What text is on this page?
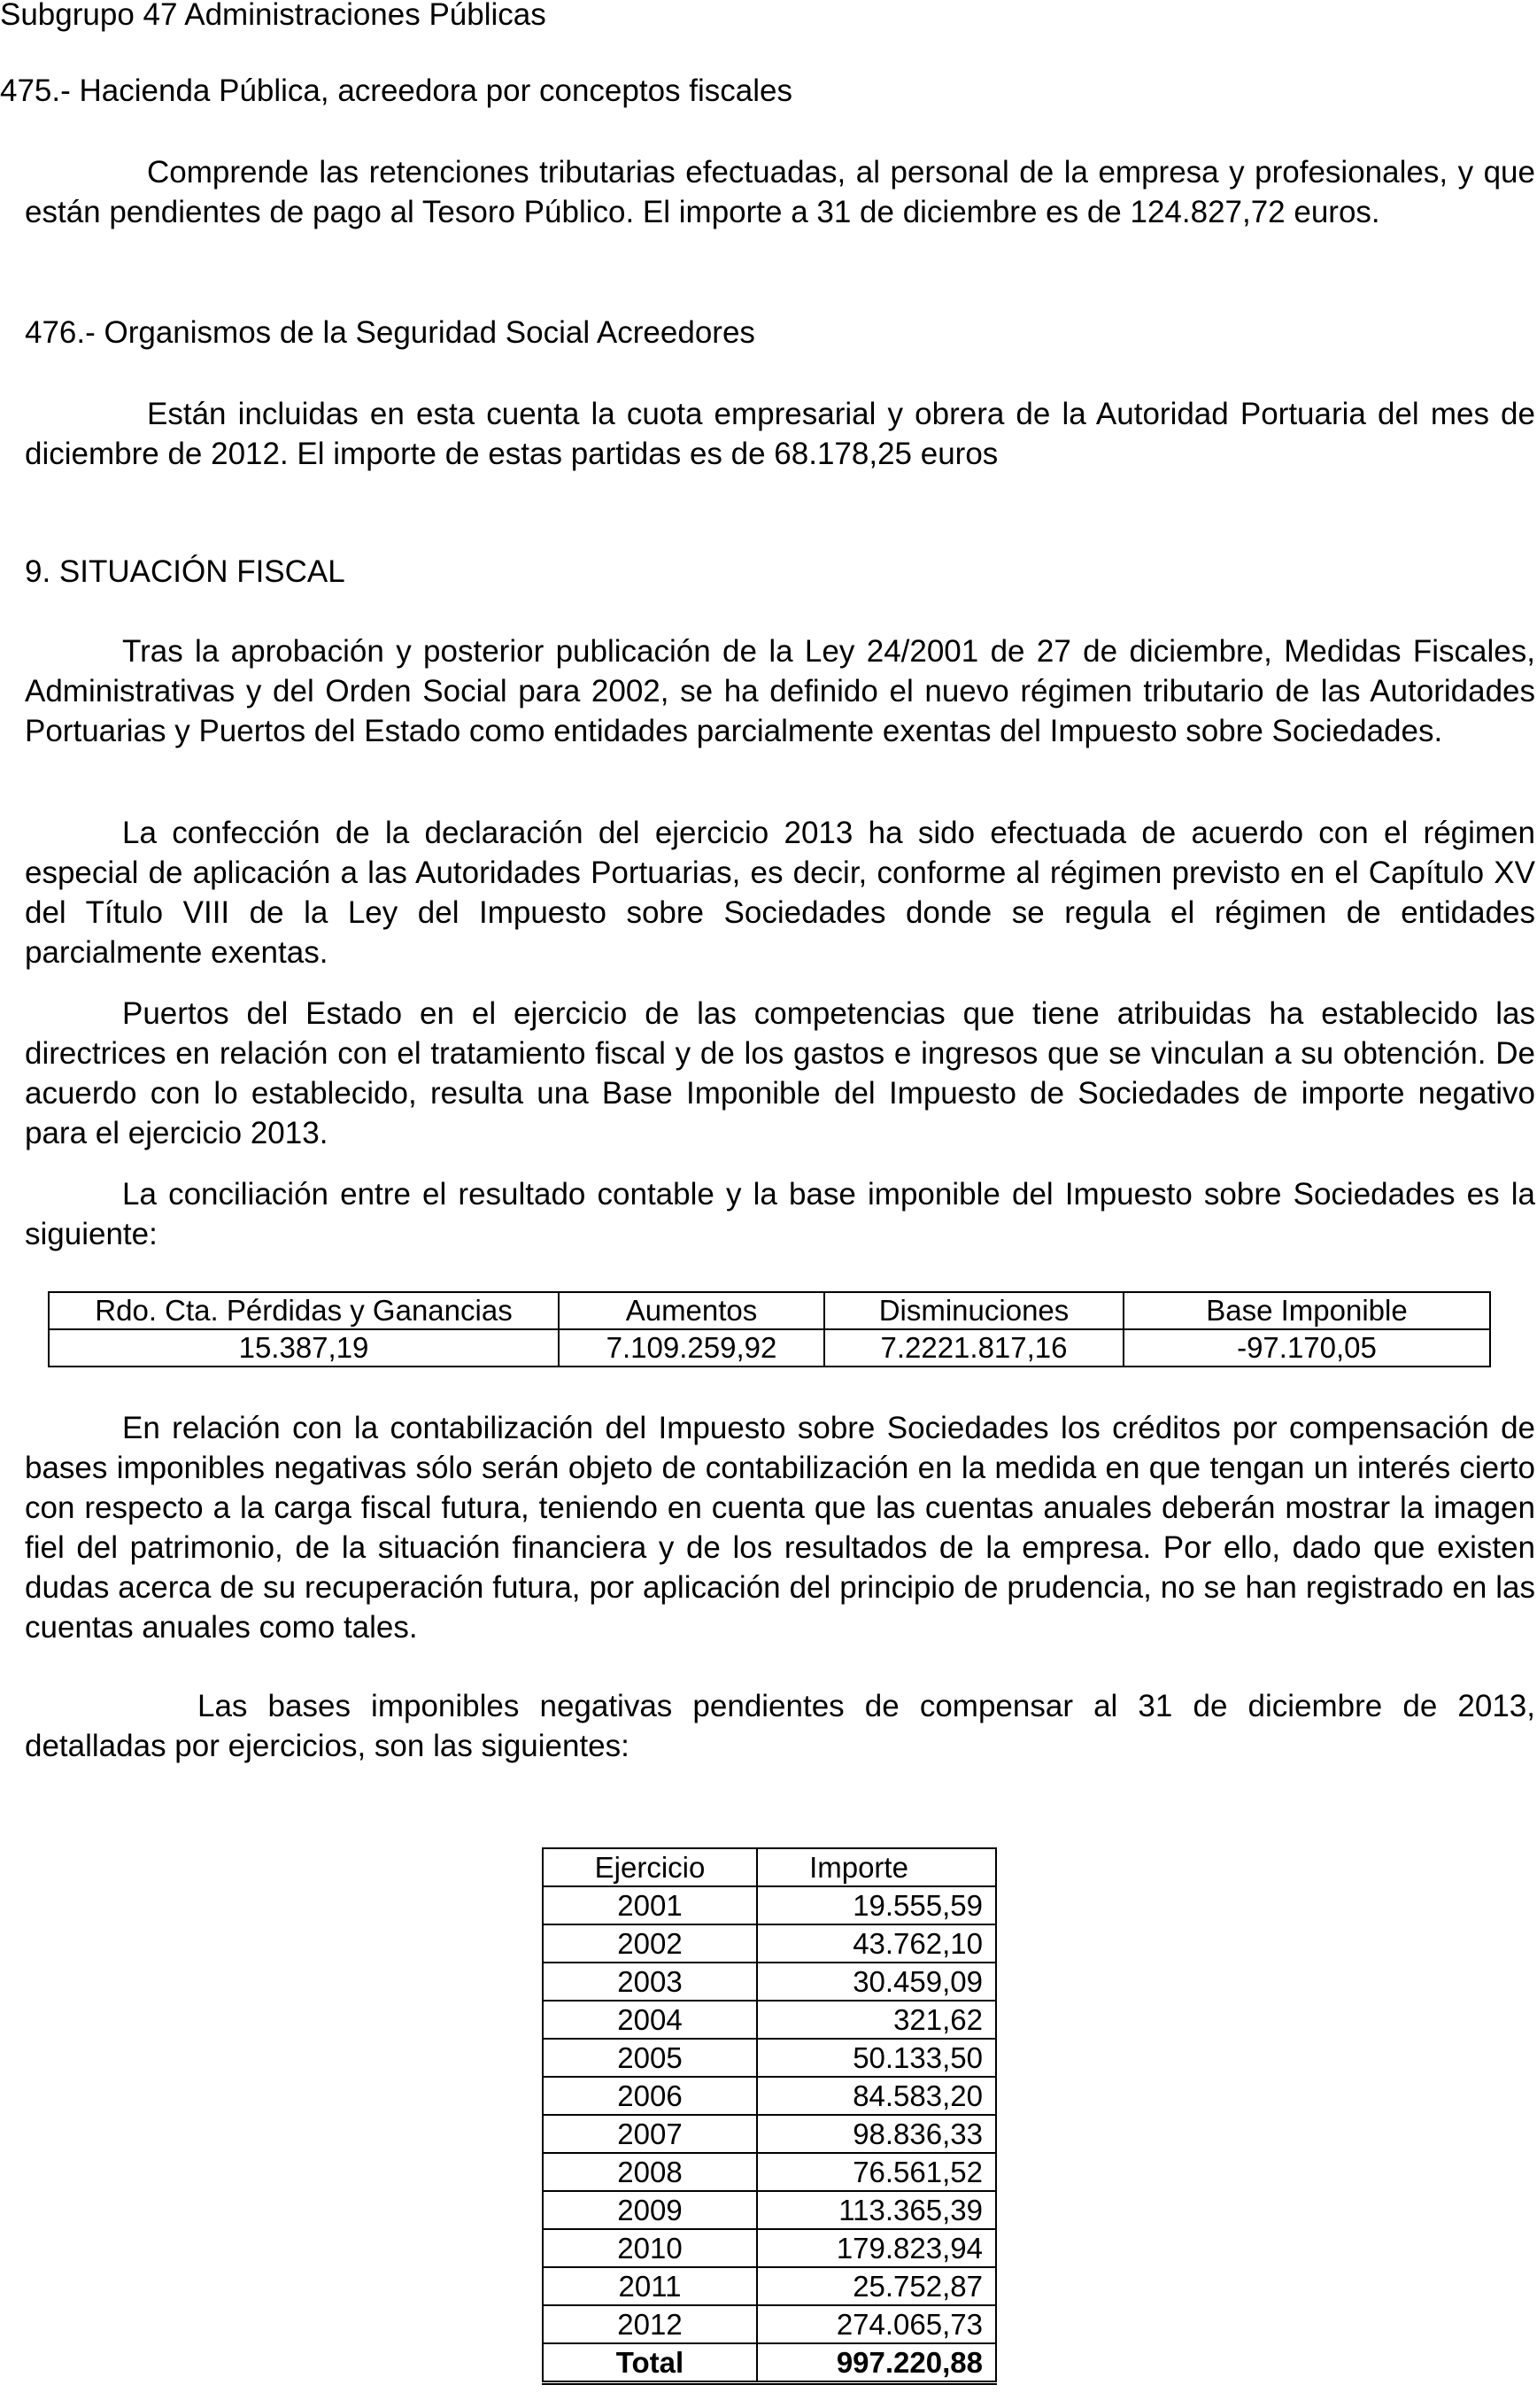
Subgrupo 47 Administraciones Públicas
475.- Hacienda Pública, acreedora por conceptos fiscales
Comprende las retenciones tributarias efectuadas, al personal de la empresa y profesionales, y que están pendientes de pago al Tesoro Público. El importe a 31 de diciembre es de 124.827,72 euros.
476.- Organismos de la Seguridad Social Acreedores
Están incluidas en esta cuenta la cuota empresarial y obrera de la Autoridad Portuaria del mes de diciembre de 2012. El importe de estas partidas es de 68.178,25 euros
9. SITUACIÓN FISCAL
Tras la aprobación y posterior publicación de la Ley 24/2001 de 27 de diciembre, Medidas Fiscales, Administrativas y del Orden Social para 2002, se ha definido el nuevo régimen tributario de las Autoridades Portuarias y Puertos del Estado como entidades parcialmente exentas del Impuesto sobre Sociedades.
La confección de la declaración del ejercicio 2013 ha sido efectuada de acuerdo con el régimen especial de aplicación a las Autoridades Portuarias, es decir, conforme al régimen previsto en el Capítulo XV del Título VIII de la Ley del Impuesto sobre Sociedades donde se regula el régimen de entidades parcialmente exentas.
Puertos del Estado en el ejercicio de las competencias que tiene atribuidas ha establecido las directrices en relación con el tratamiento fiscal y de los gastos e ingresos que se vinculan a su obtención. De acuerdo con lo establecido, resulta una Base Imponible del Impuesto de Sociedades de importe negativo para el ejercicio 2013.
La conciliación entre el resultado contable y la base imponible del Impuesto sobre Sociedades es la siguiente:
Rdo. Cta. Pérdidas y Ganancias	Aumentos	Disminuciones	Base Imponible
15.387,19	7.109.259,92	7.2221.817,16	-97.170,05
En relación con la contabilización del Impuesto sobre Sociedades los créditos por compensación de bases imponibles negativas sólo serán objeto de contabilización en la medida en que tengan un interés cierto con respecto a la carga fiscal futura, teniendo en cuenta que las cuentas anuales deberán mostrar la imagen fiel del patrimonio, de la situación financiera y de los resultados de la empresa. Por ello, dado que existen dudas acerca de su recuperación futura, por aplicación del principio de prudencia, no se han registrado en las cuentas anuales como tales.
Las bases imponibles negativas pendientes de compensar al 31 de diciembre de 2013, detalladas por ejercicios, son las siguientes:
Ejercicio	Importe
2001	19.555,59
2002	43.762,10
2003	30.459,09
2004	321,62
2005	50.133,50
2006	84.583,20
2007	98.836,33
2008	76.561,52
2009	113.365,39
2010	179.823,94
2011	25.752,87
2012	274.065,73
Total	997.220,88
